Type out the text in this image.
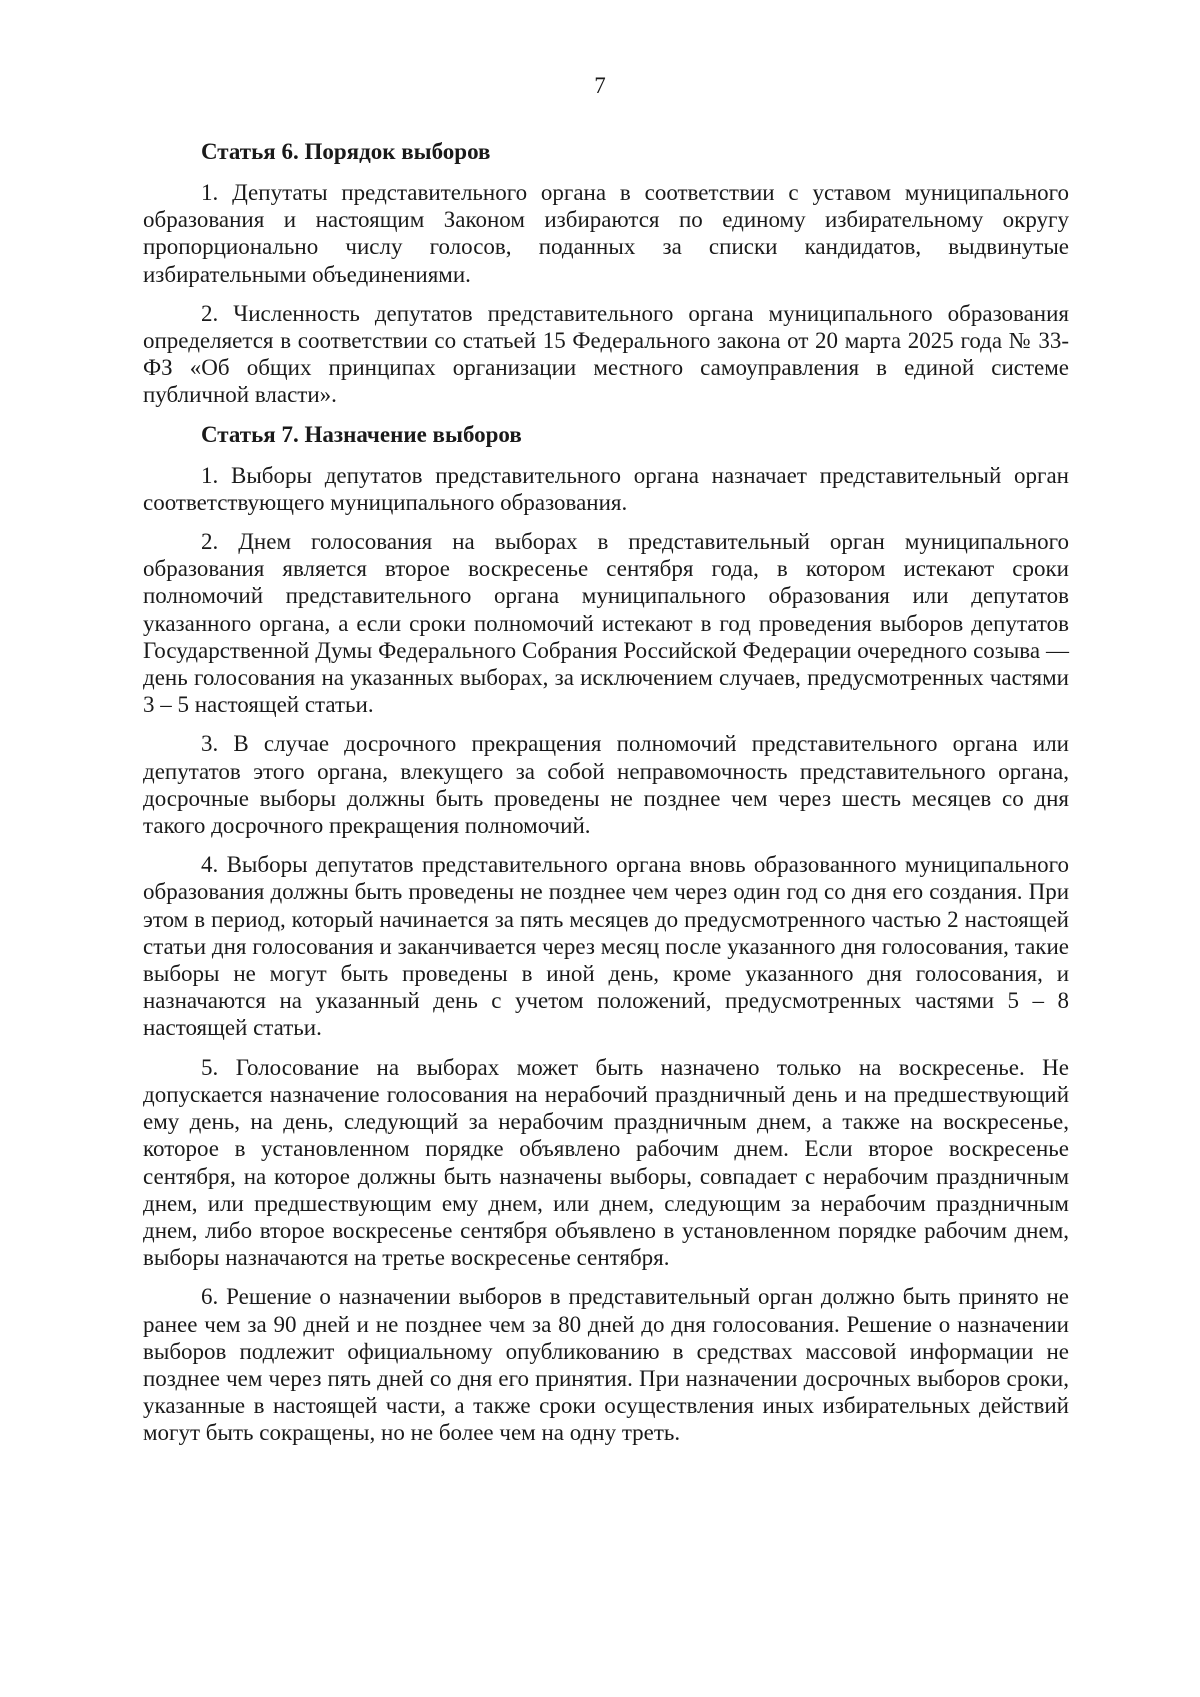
7
Статья 6. Порядок выборов

1. Депутаты представительного органа в соответствии с уставом муниципального образования и настоящим Законом избираются по единому избирательному округу пропорционально числу голосов, поданных за списки кандидатов, выдвинутые избирательными объединениями.

2. Численность депутатов представительного органа муниципального образования определяется в соответствии со статьей 15 Федерального закона от 20 марта 2025 года № 33-ФЗ «Об общих принципах организации местного самоуправления в единой системе публичной власти».

Статья 7. Назначение выборов

1. Выборы депутатов представительного органа назначает представительный орган соответствующего муниципального образования.

2. Днем голосования на выборах в представительный орган муниципального образования является второе воскресенье сентября года, в котором истекают сроки полномочий представительного органа муниципального образования или депутатов указанного органа, а если сроки полномочий истекают в год проведения выборов депутатов Государственной Думы Федерального Собрания Российской Федерации очередного созыва — день голосования на указанных выборах, за исключением случаев, предусмотренных частями 3 – 5 настоящей статьи.

3. В случае досрочного прекращения полномочий представительного органа или депутатов этого органа, влекущего за собой неправомочность представительного органа, досрочные выборы должны быть проведены не позднее чем через шесть месяцев со дня такого досрочного прекращения полномочий.

4. Выборы депутатов представительного органа вновь образованного муниципального образования должны быть проведены не позднее чем через один год со дня его создания. При этом в период, который начинается за пять месяцев до предусмотренного частью 2 настоящей статьи дня голосования и заканчивается через месяц после указанного дня голосования, такие выборы не могут быть проведены в иной день, кроме указанного дня голосования, и назначаются на указанный день с учетом положений, предусмотренных частями 5 – 8 настоящей статьи.

5. Голосование на выборах может быть назначено только на воскресенье. Не допускается назначение голосования на нерабочий праздничный день и на предшествующий ему день, на день, следующий за нерабочим праздничным днем, а также на воскресенье, которое в установленном порядке объявлено рабочим днем. Если второе воскресенье сентября, на которое должны быть назначены выборы, совпадает с нерабочим праздничным днем, или предшествующим ему днем, или днем, следующим за нерабочим праздничным днем, либо второе воскресенье сентября объявлено в установленном порядке рабочим днем, выборы назначаются на третье воскресенье сентября.

6. Решение о назначении выборов в представительный орган должно быть принято не ранее чем за 90 дней и не позднее чем за 80 дней до дня голосования. Решение о назначении выборов подлежит официальному опубликованию в средствах массовой информации не позднее чем через пять дней со дня его принятия. При назначении досрочных выборов сроки, указанные в настоящей части, а также сроки осуществления иных избирательных действий могут быть сокращены, но не более чем на одну треть.
